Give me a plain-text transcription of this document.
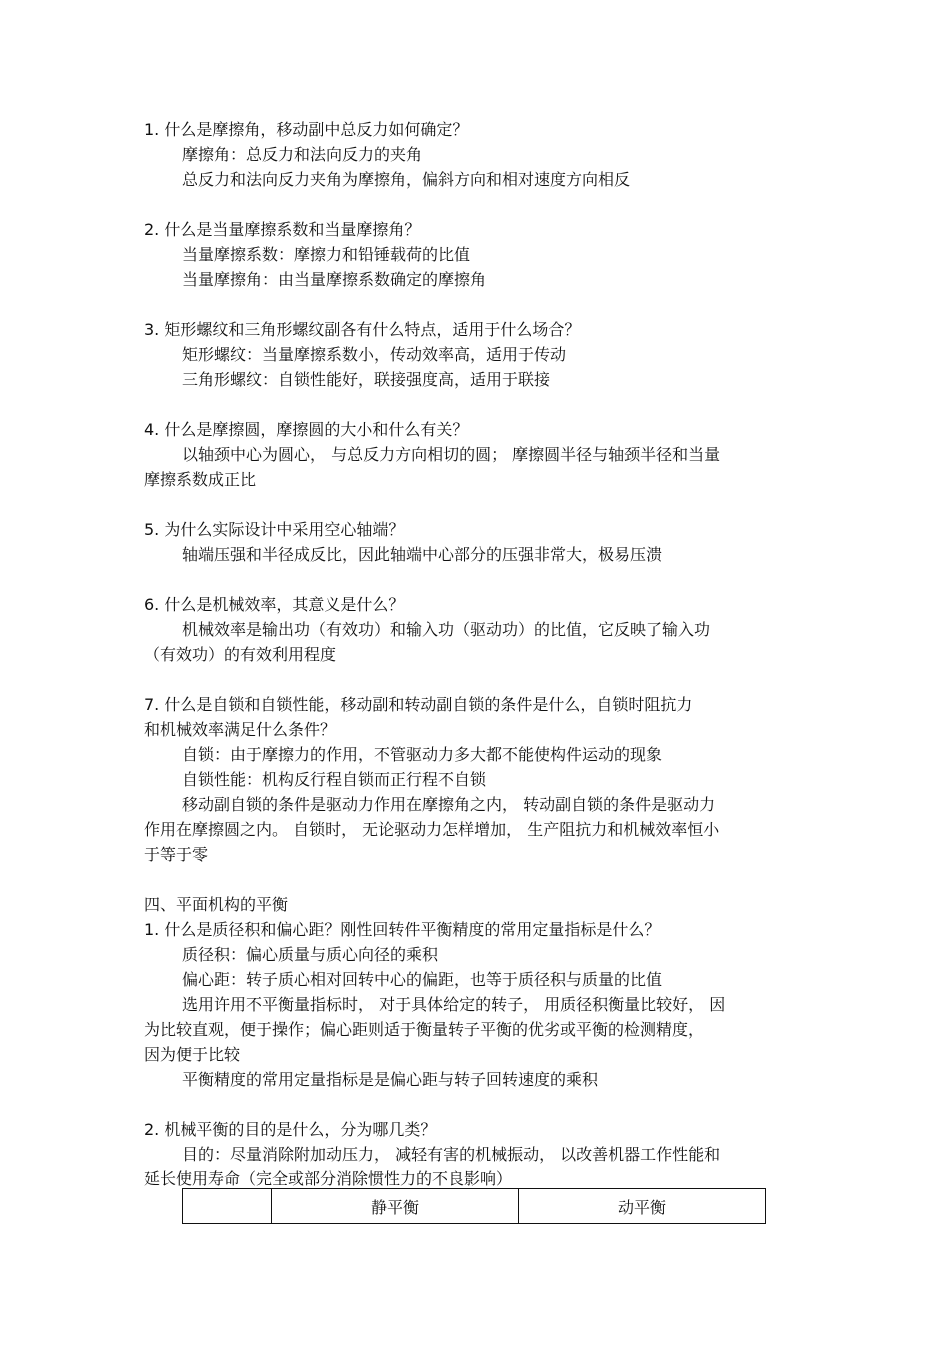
1. 什么是摩擦角，移动副中总反力如何确定？
摩擦角：总反力和法向反力的夹角
总反力和法向反力夹角为摩擦角，偏斜方向和相对速度方向相反
2. 什么是当量摩擦系数和当量摩擦角？
当量摩擦系数：摩擦力和铅锤载荷的比值
当量摩擦角：由当量摩擦系数确定的摩擦角
3. 矩形螺纹和三角形螺纹副各有什么特点，适用于什么场合？
矩形螺纹：当量摩擦系数小，传动效率高，适用于传动
三角形螺纹：自锁性能好，联接强度高，适用于联接
4. 什么是摩擦圆，摩擦圆的大小和什么有关？
以轴颈中心为圆心， 与总反力方向相切的圆； 摩擦圆半径与轴颈半径和当量
摩擦系数成正比
5. 为什么实际设计中采用空心轴端？
轴端压强和半径成反比，因此轴端中心部分的压强非常大，极易压溃
6. 什么是机械效率，其意义是什么？
机械效率是输出功（有效功）和输入功（驱动功）的比值，它反映了输入功
（有效功）的有效利用程度
7. 什么是自锁和自锁性能，移动副和转动副自锁的条件是什么，自锁时阻抗力
和机械效率满足什么条件？
自锁：由于摩擦力的作用，不管驱动力多大都不能使构件运动的现象
自锁性能：机构反行程自锁而正行程不自锁
移动副自锁的条件是驱动力作用在摩擦角之内， 转动副自锁的条件是驱动力
作用在摩擦圆之内。 自锁时， 无论驱动力怎样增加， 生产阻抗力和机械效率恒小
于等于零
四、平面机构的平衡
1. 什么是质径积和偏心距？刚性回转件平衡精度的常用定量指标是什么？
质径积：偏心质量与质心向径的乘积
偏心距：转子质心相对回转中心的偏距，也等于质径积与质量的比值
选用许用不平衡量指标时， 对于具体给定的转子， 用质径积衡量比较好， 因
为比较直观，便于操作；偏心距则适于衡量转子平衡的优劣或平衡的检测精度，
因为便于比较
平衡精度的常用定量指标是是偏心距与转子回转速度的乘积
2. 机械平衡的目的是什么，分为哪几类？
目的：尽量消除附加动压力， 减轻有害的机械振动， 以改善机器工作性能和
延长使用寿命（完全或部分消除惯性力的不良影响）
	静平衡	动平衡
